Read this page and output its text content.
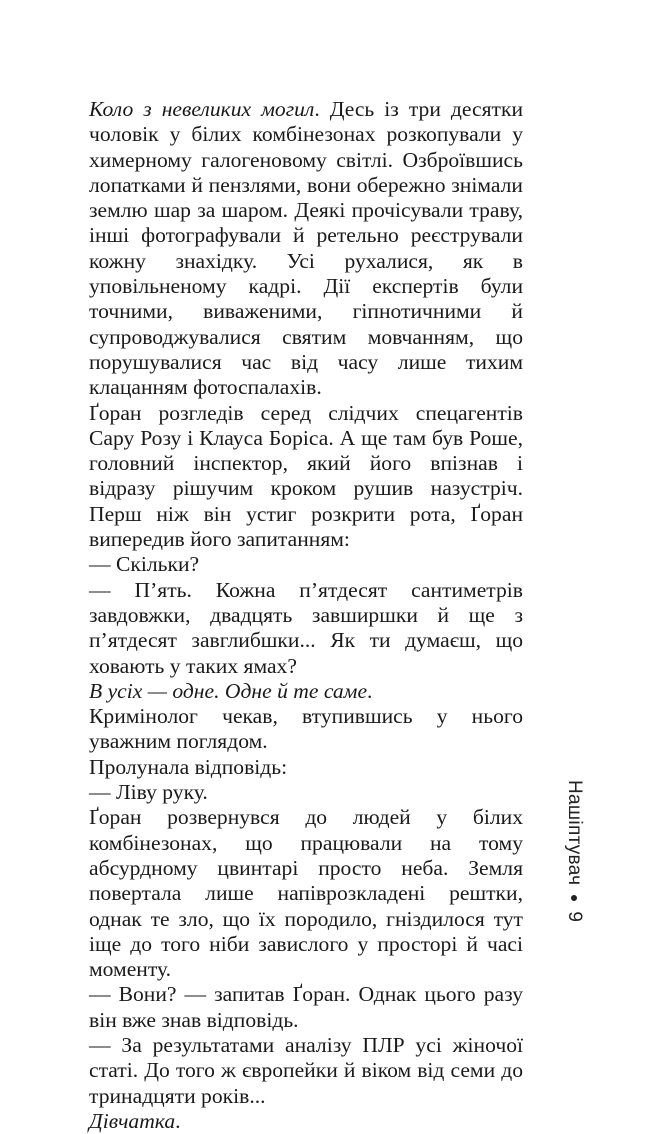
Коло з невеликих могил. Десь із три десятки чоловік у білих комбінезонах розкопували у химерному галогеновому світлі. Озброївшись лопатками й пензлями, вони обережно знімали землю шар за шаром. Деякі прочісували траву, інші фотографували й ретельно реєстрували кожну знахідку. Усі рухалися, як в уповільненому кадрі. Дії експертів були точними, виваженими, гіпнотичними й супроводжувалися святим мовчанням, що порушувалися час від часу лише тихим клацанням фотоспалахів.

Ґоран розгледів серед слідчих спецагентів Сару Розу і Клауса Боріса. А ще там був Роше, головний інспектор, який його впізнав і відразу рішучим кроком рушив назустріч. Перш ніж він устиг розкрити рота, Ґоран випередив його запитанням:

— Скільки?

— П’ять. Кожна п’ятдесят сантиметрів завдовжки, двадцять завширшки й ще з п’ятдесят завглибшки... Як ти думаєш, що ховають у таких ямах?

В усіх — одне. Одне й те саме.

Кримінолог чекав, втупившись у нього уважним поглядом.

Пролунала відповідь:

— Ліву руку.

Ґоран розвернувся до людей у білих комбінезонах, що працювали на тому абсурдному цвинтарі просто неба. Земля повертала лише напіврозкладені рештки, однак те зло, що їх породило, гніздилося тут іще до того ніби завислого у просторі й часі моменту.

— Вони? — запитав Ґоран. Однак цього разу він вже знав відповідь.

— За результатами аналізу ПЛР усі жіночої статі. До того ж європейки й віком від семи до тринадцяти років...

Дівчатка.

Нашіптувач9
